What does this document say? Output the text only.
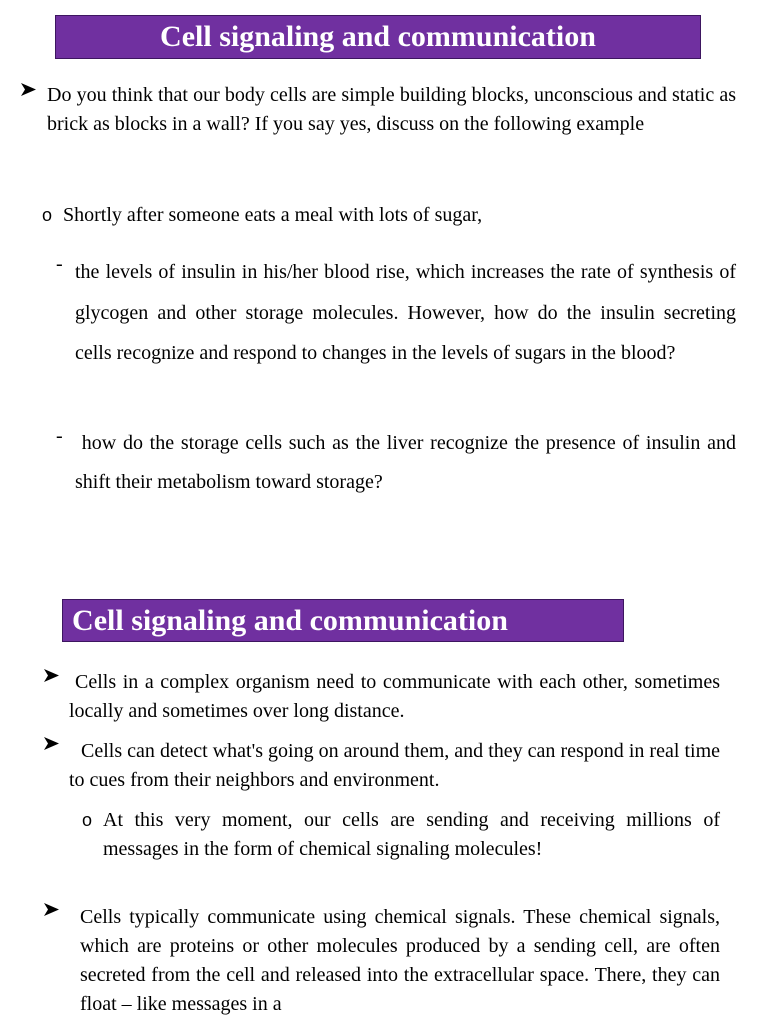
Cell signaling and communication
Do you think that our body cells are simple building blocks, unconscious and static as brick as blocks in a wall? If you say yes, discuss on the following example
o Shortly after someone eats a meal with lots of sugar,
- the levels of insulin in his/her blood rise, which increases the rate of synthesis of glycogen and other storage molecules. However, how do the insulin secreting cells recognize and respond to changes in the levels of sugars in the blood?
- how do the storage cells such as the liver recognize the presence of insulin and shift their metabolism toward storage?
Cell signaling and communication
Cells in a complex organism need to communicate with each other, sometimes locally and sometimes over long distance.
Cells can detect what's going on around them, and they can respond in real time to cues from their neighbors and environment.
o At this very moment, our cells are sending and receiving millions of messages in the form of chemical signaling molecules!
Cells typically communicate using chemical signals. These chemical signals, which are proteins or other molecules produced by a sending cell, are often secreted from the cell and released into the extracellular space. There, they can float – like messages in a
